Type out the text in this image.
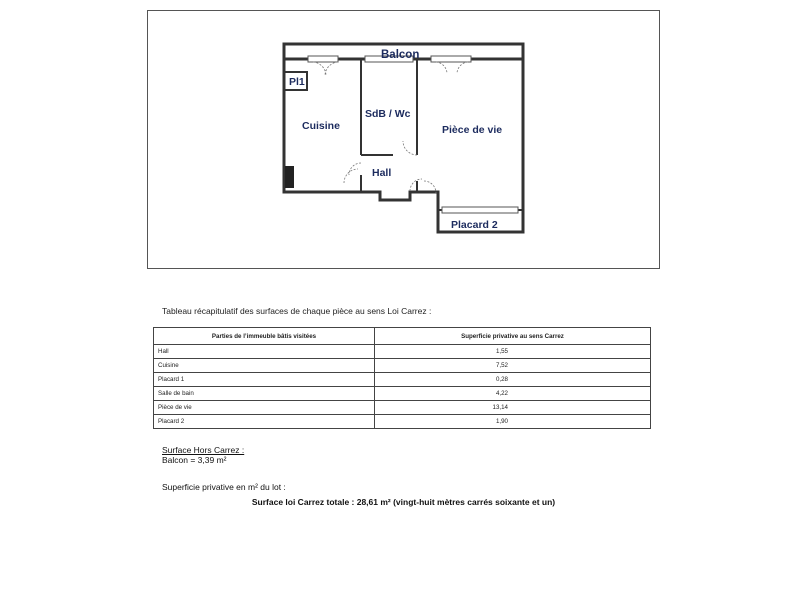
Balcon
Pl1
Cuisine
SdB / Wc
Pièce de vie
Hall
Placard 2
Tableau récapitulatif des surfaces de chaque pièce au sens Loi Carrez :
Parties de l’immeuble bâtis visitées	Superficie privative au sens Carrez
Hall	1,55
Cuisine	7,52
Placard 1	0,28
Salle de bain	4,22
Pièce de vie	13,14
Placard 2	1,90
Surface Hors Carrez :
Balcon = 3,39 m²
Superficie privative en m² du lot :
Surface loi Carrez totale : 28,61 m² (vingt-huit mètres carrés soixante et un)
